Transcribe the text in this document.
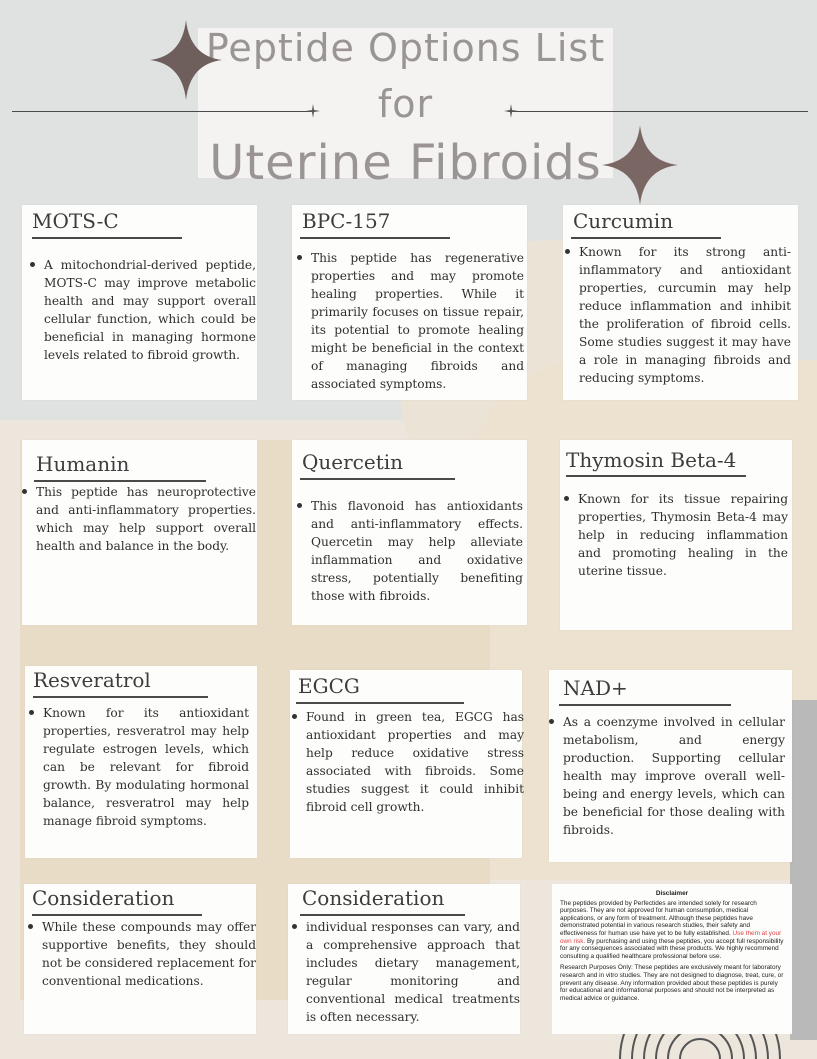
Peptide Options List
for
Uterine Fibroids
MOTS-C
A mitochondrial-derived peptide, MOTS-C may improve metabolic health and may support overall cellular function, which could be beneficial in managing hormone levels related to fibroid growth.
BPC-157
This peptide has regenerative properties and may promote healing properties. While it primarily focuses on tissue repair, its potential to promote healing might be beneficial in the context of managing fibroids and associated symptoms.
Curcumin
Known for its strong anti-inflammatory and antioxidant properties, curcumin may help reduce inflammation and inhibit the proliferation of fibroid cells. Some studies suggest it may have a role in managing fibroids and reducing symptoms.
Humanin
This peptide has neuroprotective and anti-inflammatory properties. which may help support overall health and balance in the body.
Quercetin
This flavonoid has antioxidants and anti-inflammatory effects. Quercetin may help alleviate inflammation and oxidative stress, potentially benefiting those with fibroids.
Thymosin Beta-4
Known for its tissue repairing properties, Thymosin Beta-4 may help in reducing inflammation and promoting healing in the uterine tissue.
Resveratrol
Known for its antioxidant properties, resveratrol may help regulate estrogen levels, which can be relevant for fibroid growth. By modulating hormonal balance, resveratrol may help manage fibroid symptoms.
EGCG
Found in green tea, EGCG has antioxidant properties and may help reduce oxidative stress associated with fibroids. Some studies suggest it could inhibit fibroid cell growth.
NAD+
As a coenzyme involved in cellular metabolism, and energy production. Supporting cellular health may improve overall well-being and energy levels, which can be beneficial for those dealing with fibroids.
Consideration
While these compounds may offer supportive benefits, they should not be considered replacement for conventional medications.
Consideration
individual responses can vary, and a comprehensive approach that includes dietary management, regular monitoring and conventional medical treatments is often necessary.
Disclaimer

The peptides provided by Perfectides are intended solely for research purposes. They are not approved for human consumption, medical applications, or any form of treatment. Although these peptides have demonstrated potential in various research studies, their safety and effectiveness for human use have yet to be fully established. Use them at your own risk. By purchasing and using these peptides, you accept full responsibility for any consequences associated with these products. We highly recommend consulting a qualified healthcare professional before use.

Research Purposes Only: These peptides are exclusively meant for laboratory research and in vitro studies. They are not designed to diagnose, treat, cure, or prevent any disease. Any information provided about these peptides is purely for educational and informational purposes and should not be interpreted as medical advice or guidance.
